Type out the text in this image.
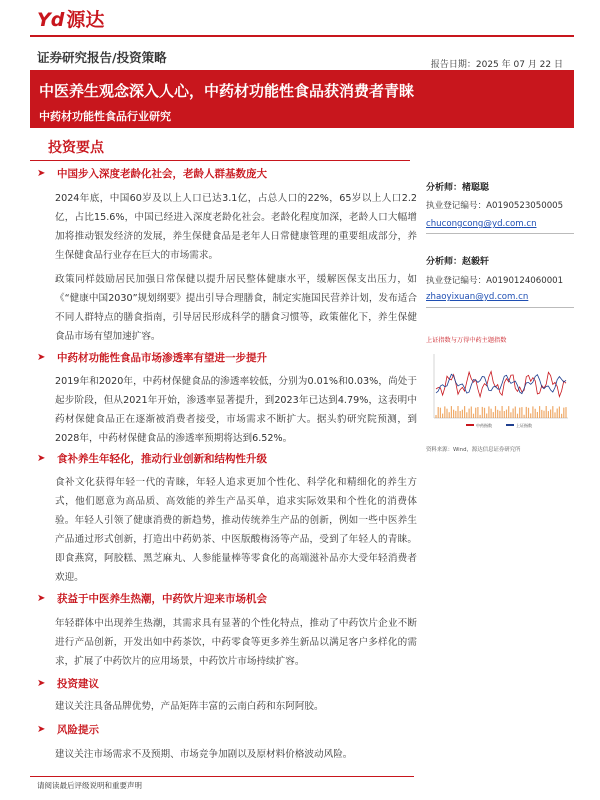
Yd 源达
证券研究报告/投资策略	报告日期：2025 年 07 月 22 日
中医养生观念深入人心，中药材功能性食品获消费者青睐
中药材功能性食品行业研究
投资要点
➤	中国步入深度老龄化社会，老龄人群基数庞大
2024年底，中国60岁及以上人口已达3.1亿，占总人口的22%，65岁以上人口2.2亿，占比15.6%，中国已经进入深度老龄化社会。老龄化程度加深，老龄人口大幅增加将推动银发经济的发展，养生保健食品是老年人日常健康管理的重要组成部分，养生保健食品行业存在巨大的市场需求。
政策同样鼓励居民加强日常保健以提升居民整体健康水平，缓解医保支出压力，如《“健康中国2030”规划纲要》提出引导合理膳食，制定实施国民营养计划，发布适合不同人群特点的膳食指南，引导居民形成科学的膳食习惯等，政策催化下，养生保健食品市场有望加速扩容。
➤	中药材功能性食品市场渗透率有望进一步提升
2019年和2020年，中药材保健食品的渗透率较低，分别为0.01%和0.03%，尚处于起步阶段，但从2021年开始，渗透率显著提升，到2023年已达到4.79%，这表明中药材保健食品正在逐渐被消费者接受，市场需求不断扩大。据头豹研究院预测，到2028年，中药材保健食品的渗透率预期将达到6.52%。
➤	食补养生年轻化，推动行业创新和结构性升级
食补文化获得年轻一代的青睐，年轻人追求更加个性化、科学化和精细化的养生方式，他们愿意为高品质、高效能的养生产品买单，追求实际效果和个性化的消费体验。年轻人引领了健康消费的新趋势，推动传统养生产品的创新，例如一些中医养生产品通过形式创新，打造出中药奶茶、中医版酸梅汤等产品，受到了年轻人的青睐。即食燕窝，阿胶糕、黑芝麻丸、人参能量棒等零食化的高端滋补品亦大受年轻消费者欢迎。
➤	获益于中医养生热潮，中药饮片迎来市场机会
年轻群体中出现养生热潮，其需求具有显著的个性化特点，推动了中药饮片企业不断进行产品创新，开发出如中药茶饮，中药零食等更多养生新品以满足客户多样化的需求，扩展了中药饮片的应用场景，中药饮片市场持续扩容。
➤	投资建议
建议关注具备品牌优势，产品矩阵丰富的云南白药和东阿阿胶。
➤	风险提示
建议关注市场需求不及预期、市场竞争加剧以及原材料价格波动风险。
分析师：楮聪聪
执业登记编号：A0190523050005
chucongcong@yd.com.cn
分析师：赵毅轩
执业登记编号：A0190124060001
zhaoyixuan@yd.com.cn
上证指数与万得中药主题指数
中药指数	上证指数
资料来源：Wind，源达信息证券研究所
请阅读最后评级说明和重要声明
